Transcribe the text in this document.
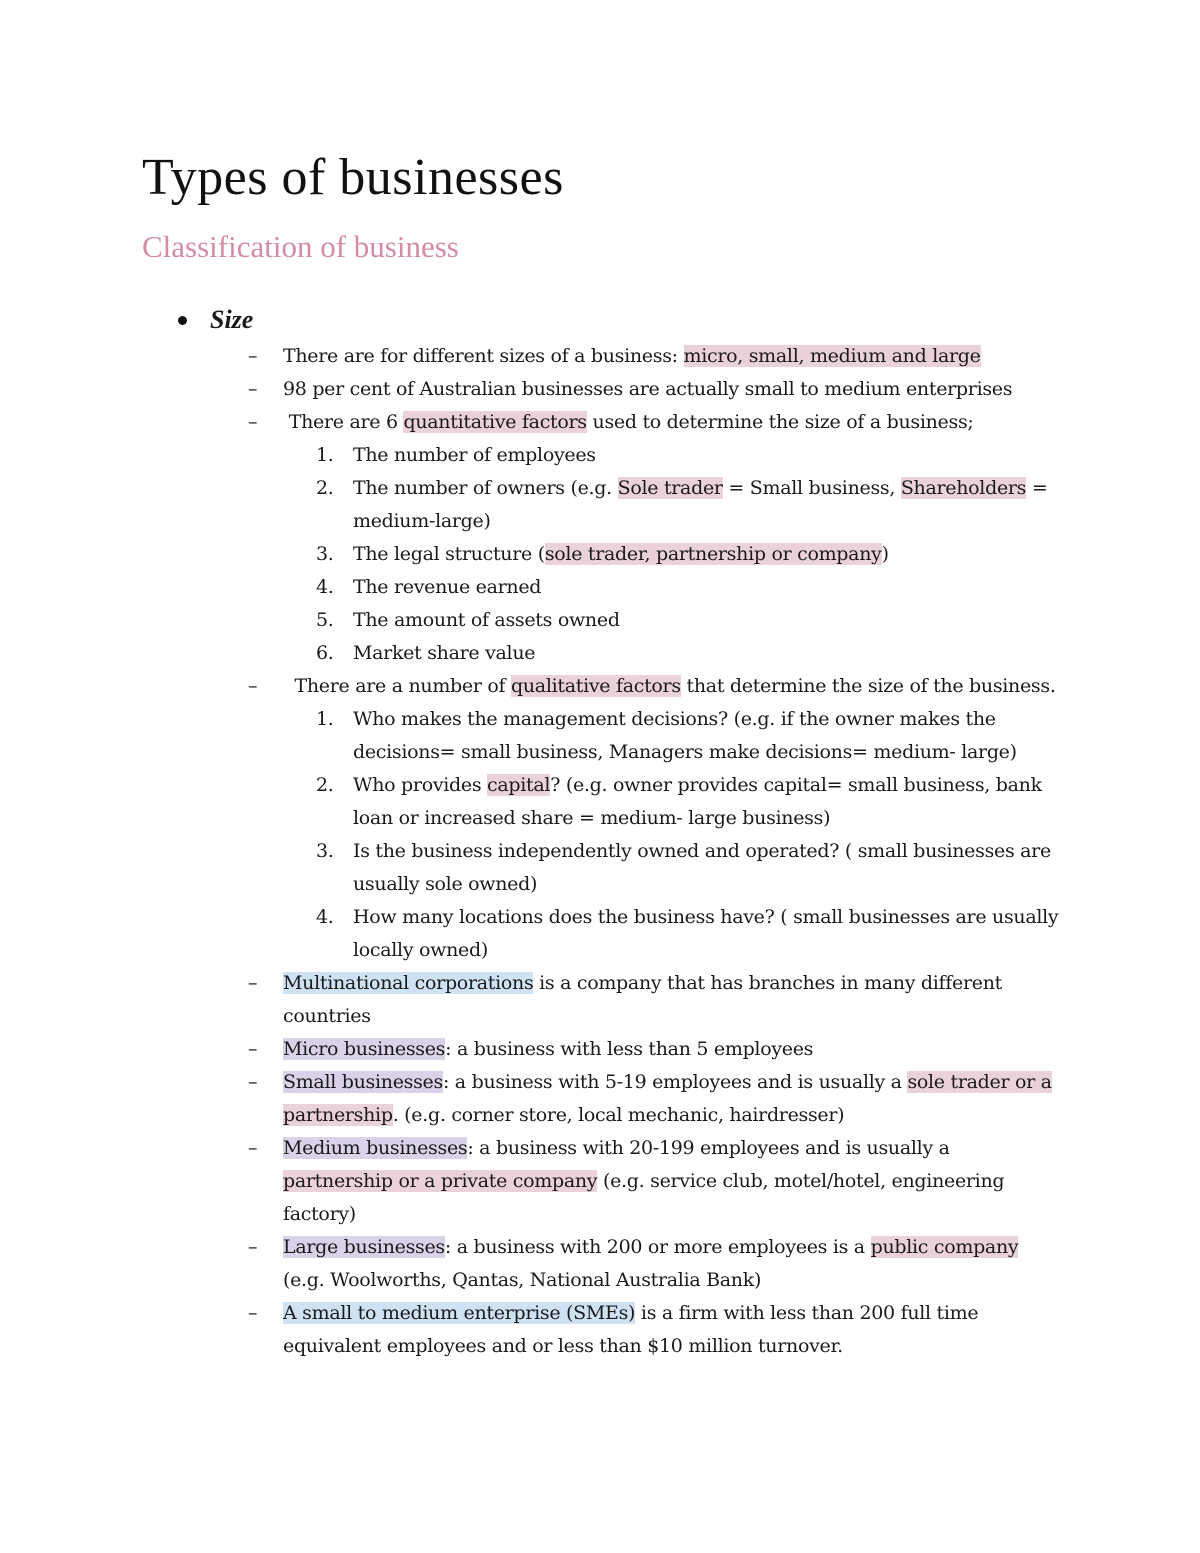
Types of businesses
Classification of business
Size
– There are for different sizes of a business: micro, small, medium and large
– 98 per cent of Australian businesses are actually small to medium enterprises
– There are 6 quantitative factors used to determine the size of a business;
1. The number of employees
2. The number of owners (e.g. Sole trader = Small business, Shareholders = medium-large)
3. The legal structure (sole trader, partnership or company)
4. The revenue earned
5. The amount of assets owned
6. Market share value
– There are a number of qualitative factors that determine the size of the business.
1. Who makes the management decisions? (e.g. if the owner makes the decisions= small business, Managers make decisions= medium- large)
2. Who provides capital? (e.g. owner provides capital= small business, bank loan or increased share = medium- large business)
3. Is the business independently owned and operated? ( small businesses are usually sole owned)
4. How many locations does the business have? ( small businesses are usually locally owned)
– Multinational corporations is a company that has branches in many different countries
– Micro businesses: a business with less than 5 employees
– Small businesses: a business with 5-19 employees and is usually a sole trader or a partnership. (e.g. corner store, local mechanic, hairdresser)
– Medium businesses: a business with 20-199 employees and is usually a partnership or a private company (e.g. service club, motel/hotel, engineering factory)
– Large businesses: a business with 200 or more employees is a public company (e.g. Woolworths, Qantas, National Australia Bank)
– A small to medium enterprise (SMEs) is a firm with less than 200 full time equivalent employees and or less than $10 million turnover.
